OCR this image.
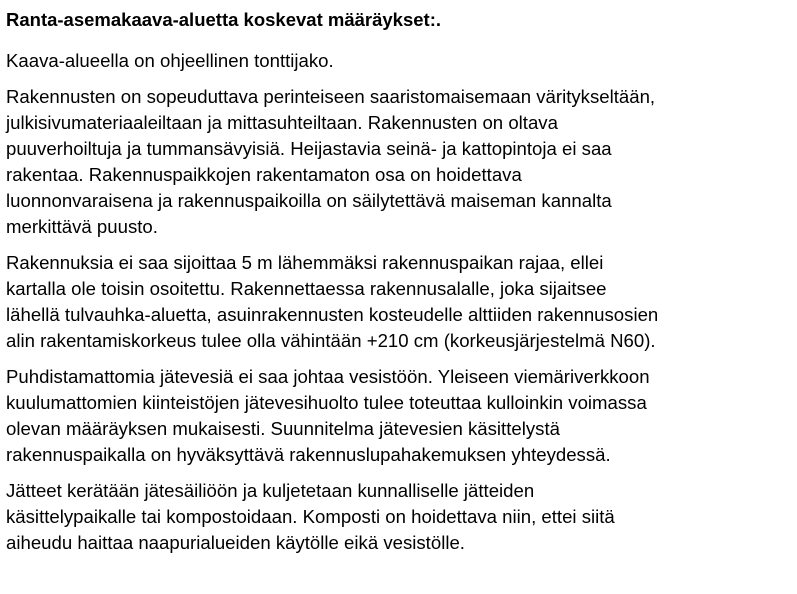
Ranta-asemakaava-aluetta koskevat määräykset:.

Kaava-alueella on ohjeellinen tonttijako.

Rakennusten on sopeuduttava perinteiseen saaristomaisemaan väritykseltään,
julkisivumateriaaleiltaan ja mittasuhteiltaan. Rakennusten on oltava
puuverhoiltuja ja tummansävyisiä. Heijastavia seinä- ja kattopintoja ei saa
rakentaa. Rakennuspaikkojen rakentamaton osa on hoidettava
luonnonvaraisena ja rakennuspaikoilla on säilytettävä maiseman kannalta
merkittävä puusto.

Rakennuksia ei saa sijoittaa 5 m lähemmäksi rakennuspaikan rajaa, ellei
kartalla ole toisin osoitettu. Rakennettaessa rakennusalalle, joka sijaitsee
lähellä tulvauhka-aluetta, asuinrakennusten kosteudelle alttiiden rakennusosien
alin rakentamiskorkeus tulee olla vähintään +210 cm (korkeusjärjestelmä N60).

Puhdistamattomia jätevesiä ei saa johtaa vesistöön. Yleiseen viemäriverkkoon
kuulumattomien kiinteistöjen jätevesihuolto tulee toteuttaa kulloinkin voimassa
olevan määräyksen mukaisesti. Suunnitelma jätevesien käsittelystä
rakennuspaikalla on hyväksyttävä rakennuslupahakemuksen yhteydessä.

Jätteet kerätään jätesäiliöön ja kuljetetaan kunnalliselle jätteiden
käsittelypaikalle tai kompostoidaan. Komposti on hoidettava niin, ettei siitä
aiheudu haittaa naapurialueiden käytölle eikä vesistölle.
